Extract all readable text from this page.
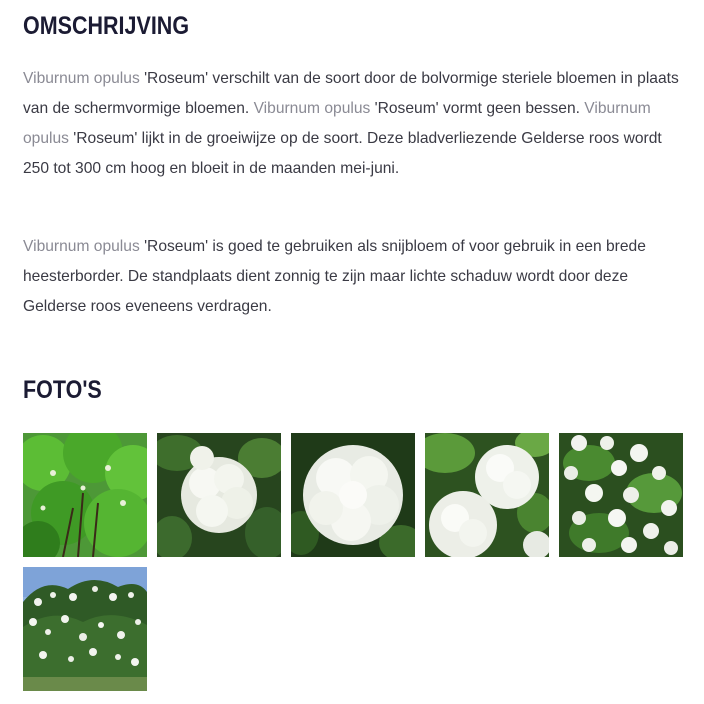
OMSCHRIJVING

Viburnum opulus 'Roseum' verschilt van de soort door de bolvormige steriele bloemen in plaats van de schermvormige bloemen. Viburnum opulus 'Roseum' vormt geen bessen. Viburnum opulus 'Roseum' lijkt in de groeiwijze op de soort. Deze bladverliezende Gelderse roos wordt 250 tot 300 cm hoog en bloeit in de maanden mei-juni.

Viburnum opulus 'Roseum' is goed te gebruiken als snijbloem of voor gebruik in een brede heesterborder. De standplaats dient zonnig te zijn maar lichte schaduw wordt door deze Gelderse roos eveneens verdragen.

FOTO'S
